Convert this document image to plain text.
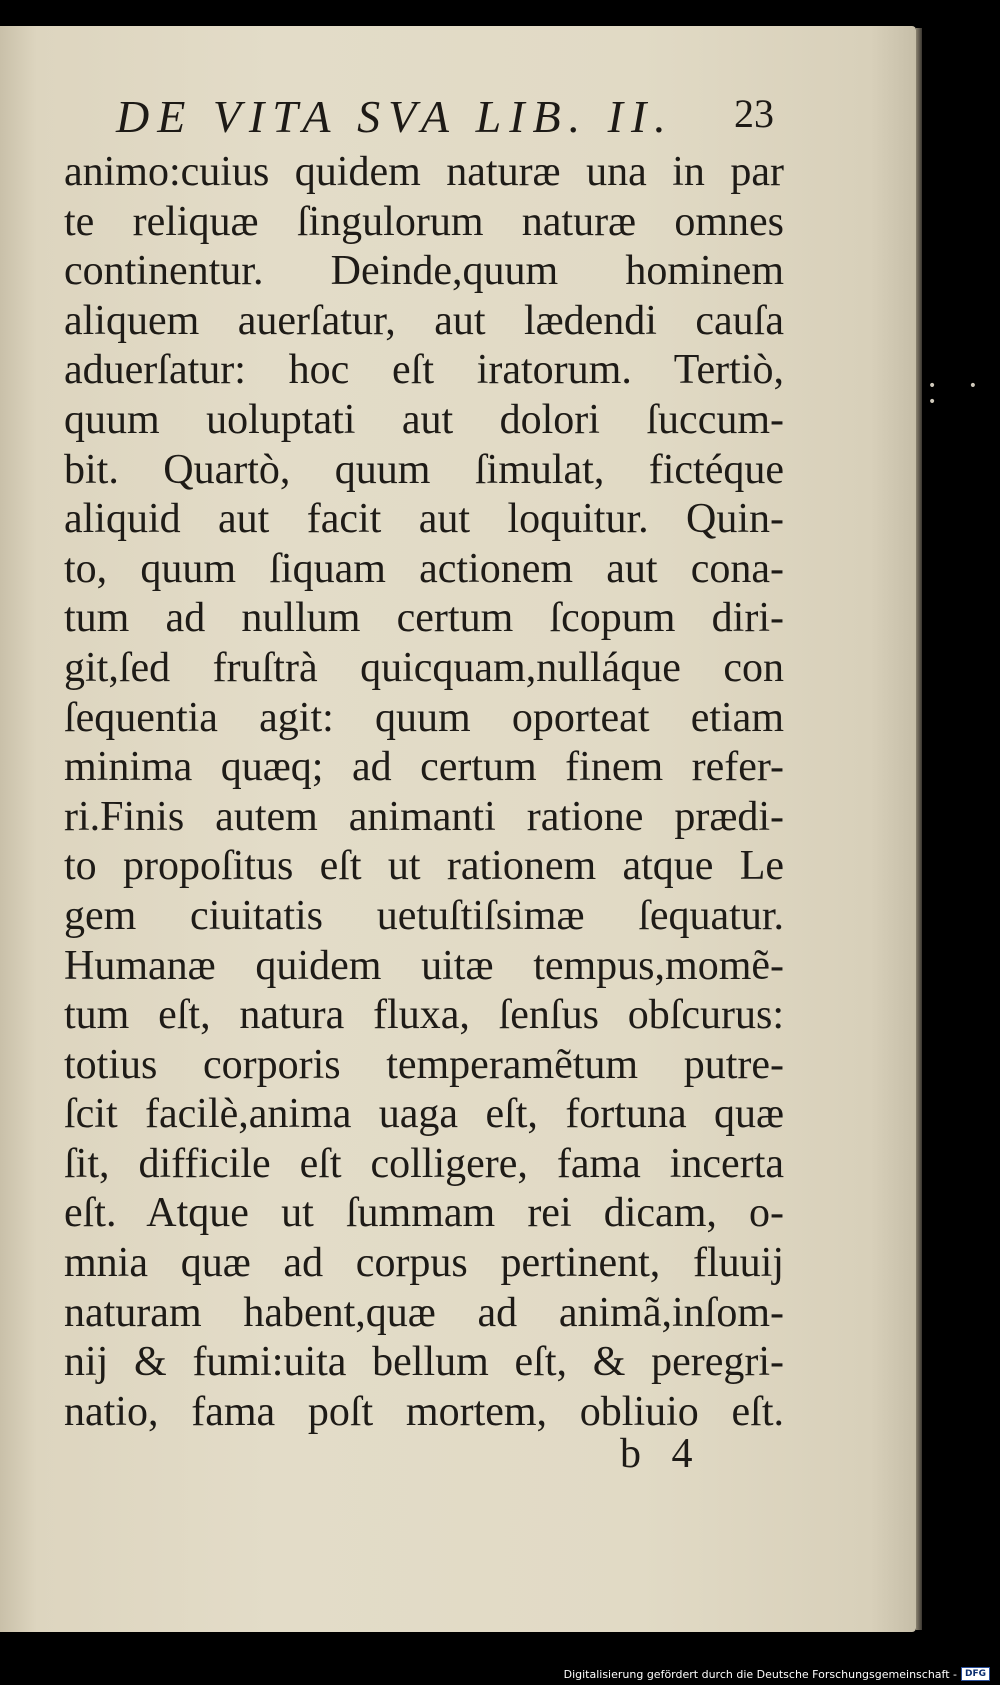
DE VITA SVA LIB. II.	23
animo:cuius quidem naturæ una in par
te reliquæ ſingulorum naturæ omnes
continentur. Deinde,quum hominem
aliquem auerſatur, aut lædendi cauſa
aduerſatur: hoc eſt iratorum. Tertiò,
quum uoluptati aut dolori ſuccum-
bit. Quartò, quum ſimulat, fictéque
aliquid aut facit aut loquitur. Quin-
to, quum ſiquam actionem aut cona-
tum ad nullum certum ſcopum diri-
git,ſed fruſtrà quicquam,nulláque con
ſequentia agit: quum oporteat etiam
minima quæq; ad certum finem refer-
ri.Finis autem animanti ratione prædi-
to propoſitus eſt ut rationem atque Le
gem ciuitatis uetuſtiſsimæ ſequatur.
Humanæ quidem uitæ tempus,momẽ-
tum eſt, natura fluxa, ſenſus obſcurus:
totius corporis temperamẽtum putre-
ſcit facilè,anima uaga eſt, fortuna quæ
ſit, difficile eſt colligere, fama incerta
eſt. Atque ut ſummam rei dicam, o-
mnia quæ ad corpus pertinent, fluuij
naturam habent,quæ ad animã,inſom-
nij & fumi:uita bellum eſt, & peregri-
natio, fama poſt mortem, obliuio eſt.
b 4
• • •
Digitalisierung gefördert durch die Deutsche Forschungsgemeinschaft - DFG
